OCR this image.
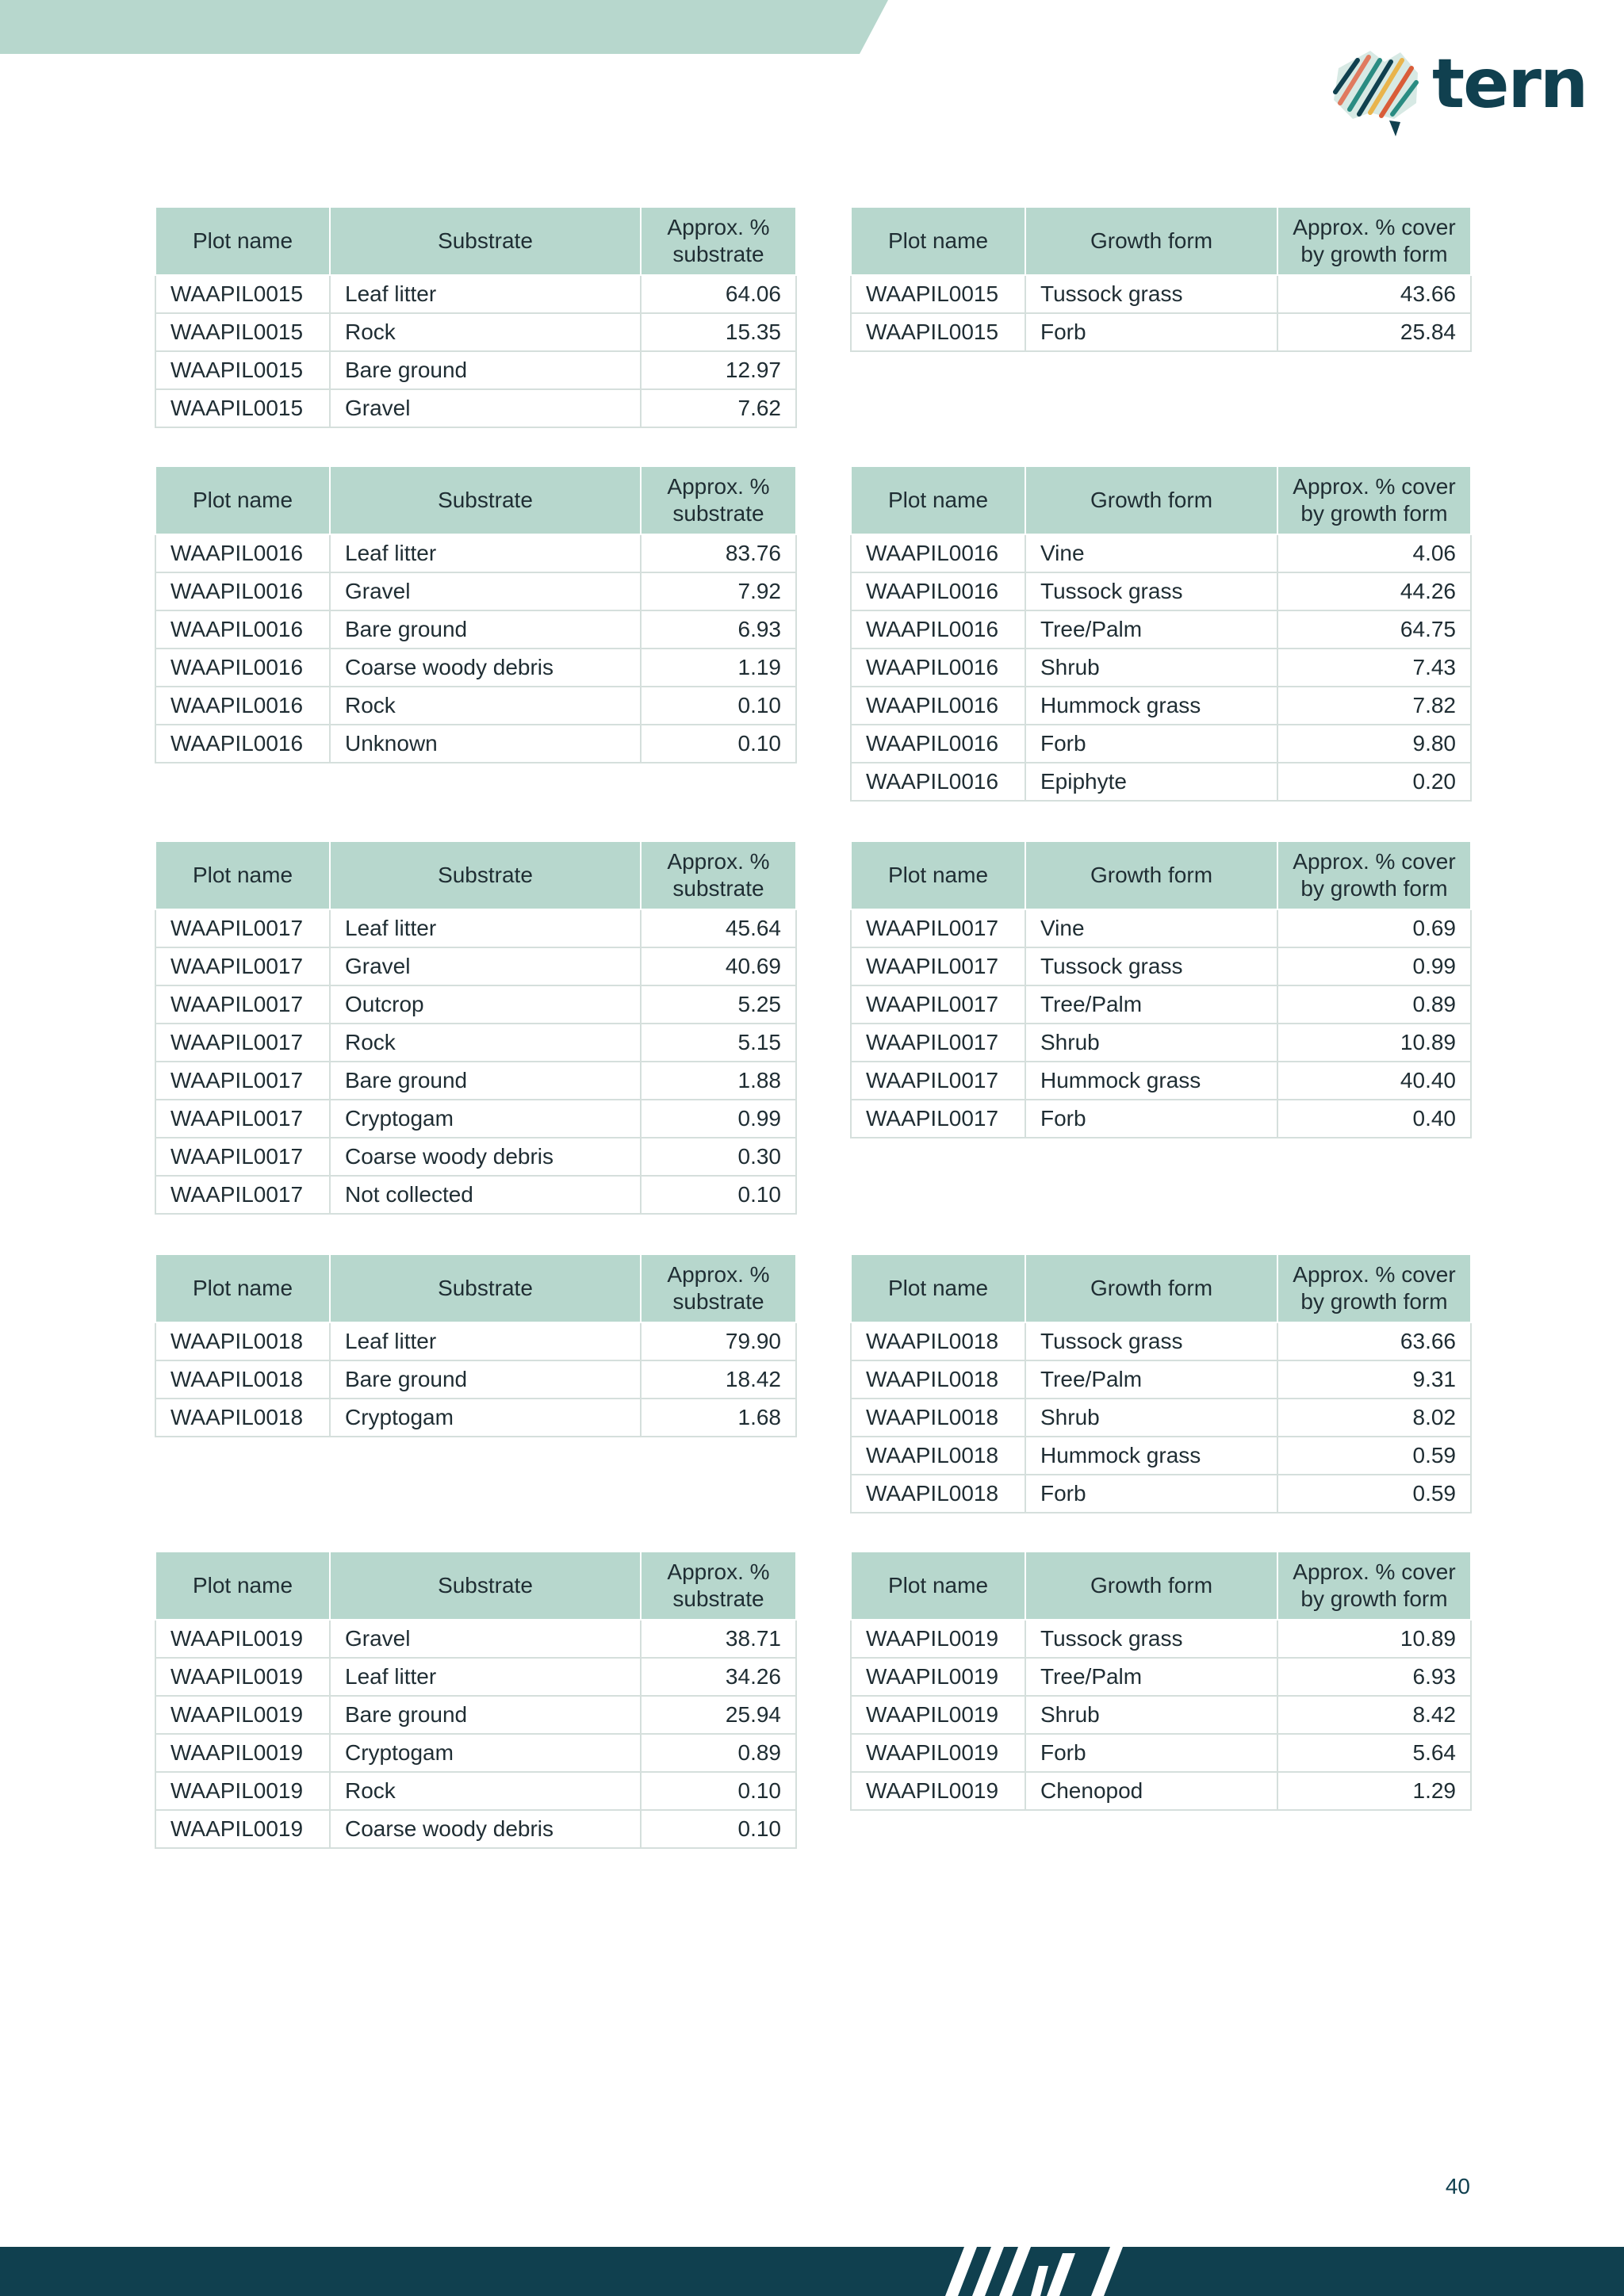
tern
Plot name	Substrate	Approx. % substrate
WAAPIL0015	Leaf litter	64.06
WAAPIL0015	Rock	15.35
WAAPIL0015	Bare ground	12.97
WAAPIL0015	Gravel	7.62
Plot name	Growth form	Approx. % cover by growth form
WAAPIL0015	Tussock grass	43.66
WAAPIL0015	Forb	25.84
Plot name	Substrate	Approx. % substrate
WAAPIL0016	Leaf litter	83.76
WAAPIL0016	Gravel	7.92
WAAPIL0016	Bare ground	6.93
WAAPIL0016	Coarse woody debris	1.19
WAAPIL0016	Rock	0.10
WAAPIL0016	Unknown	0.10
Plot name	Growth form	Approx. % cover by growth form
WAAPIL0016	Vine	4.06
WAAPIL0016	Tussock grass	44.26
WAAPIL0016	Tree/Palm	64.75
WAAPIL0016	Shrub	7.43
WAAPIL0016	Hummock grass	7.82
WAAPIL0016	Forb	9.80
WAAPIL0016	Epiphyte	0.20
Plot name	Substrate	Approx. % substrate
WAAPIL0017	Leaf litter	45.64
WAAPIL0017	Gravel	40.69
WAAPIL0017	Outcrop	5.25
WAAPIL0017	Rock	5.15
WAAPIL0017	Bare ground	1.88
WAAPIL0017	Cryptogam	0.99
WAAPIL0017	Coarse woody debris	0.30
WAAPIL0017	Not collected	0.10
Plot name	Growth form	Approx. % cover by growth form
WAAPIL0017	Vine	0.69
WAAPIL0017	Tussock grass	0.99
WAAPIL0017	Tree/Palm	0.89
WAAPIL0017	Shrub	10.89
WAAPIL0017	Hummock grass	40.40
WAAPIL0017	Forb	0.40
Plot name	Substrate	Approx. % substrate
WAAPIL0018	Leaf litter	79.90
WAAPIL0018	Bare ground	18.42
WAAPIL0018	Cryptogam	1.68
Plot name	Growth form	Approx. % cover by growth form
WAAPIL0018	Tussock grass	63.66
WAAPIL0018	Tree/Palm	9.31
WAAPIL0018	Shrub	8.02
WAAPIL0018	Hummock grass	0.59
WAAPIL0018	Forb	0.59
Plot name	Substrate	Approx. % substrate
WAAPIL0019	Gravel	38.71
WAAPIL0019	Leaf litter	34.26
WAAPIL0019	Bare ground	25.94
WAAPIL0019	Cryptogam	0.89
WAAPIL0019	Rock	0.10
WAAPIL0019	Coarse woody debris	0.10
Plot name	Growth form	Approx. % cover by growth form
WAAPIL0019	Tussock grass	10.89
WAAPIL0019	Tree/Palm	6.93
WAAPIL0019	Shrub	8.42
WAAPIL0019	Forb	5.64
WAAPIL0019	Chenopod	1.29
40
